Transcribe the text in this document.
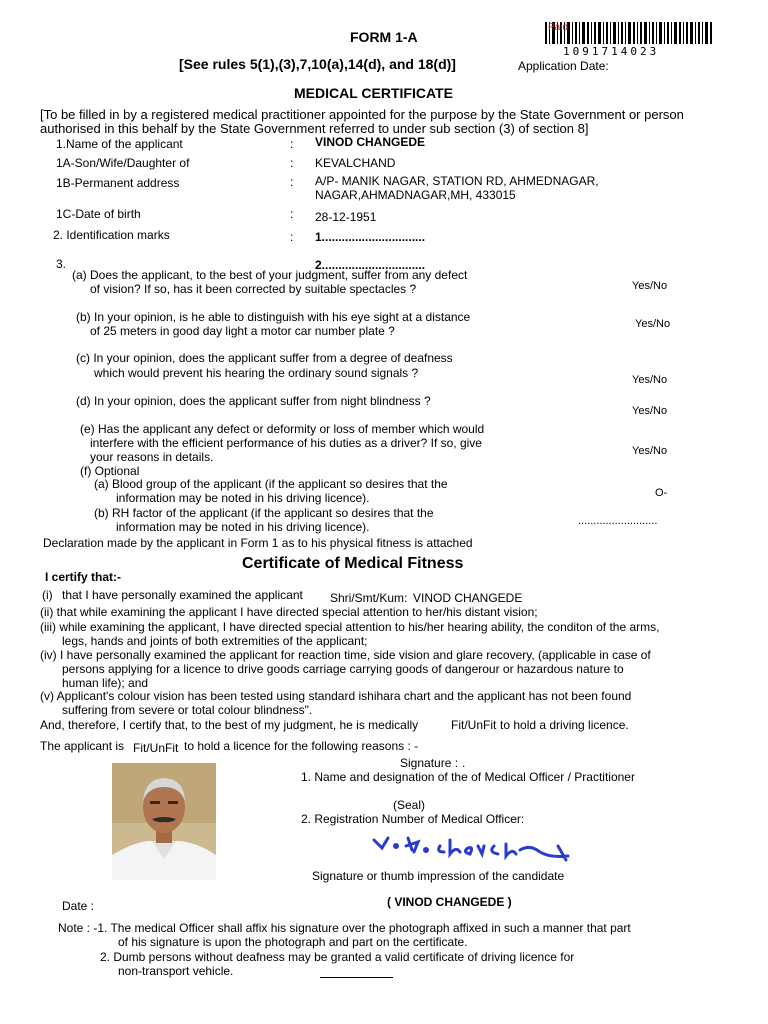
FORM 1-A
Paid
1091714023
[See rules 5(1),(3),7,10(a),14(d), and 18(d)]	Application Date:
MEDICAL CERTIFICATE
[To be filled in by a registered medical practitioner appointed for the purpose by the State Government or person
authorised in this behalf by the State Government referred to under sub section (3) of section 8]
1.Name of the applicant	: VINOD CHANGEDE
1A-Son/Wife/Daughter of	: KEVALCHAND
1B-Permanent address	: A/P- MANIK NAGAR, STATION RD, AHMEDNAGAR,
NAGAR,AHMADNAGAR,MH, 433015
1C-Date of birth	: 28-12-1951
2. Identification marks	: 1...............................
2...............................
3.
(a) Does the applicant, to the best of your judgment, suffer from any defect
of vision? If so, has it been corrected by suitable spectacles ?	Yes/No
(b) In your opinion, is he able to distinguish with his eye sight at a distance
of 25 meters in good day light a motor car number plate ?	Yes/No
(c) In your opinion, does the applicant suffer from a degree of deafness
which would prevent his hearing the ordinary sound signals ?	Yes/No
(d) In your opinion, does the applicant suffer from night blindness ?
Yes/No
(e) Has the applicant any defect or deformity or loss of member which would
interfere with the efficient performance of his duties as a driver? If so, give
your reasons in details.	Yes/No
(f) Optional
(a) Blood group of the applicant (if the applicant so desires that the
information may be noted in his driving licence).	O-
(b) RH factor of the applicant (if the applicant so desires that the
information may be noted in his driving licence).	..........................
Declaration made by the applicant in Form 1 as to his physical fitness is attached
Certificate of Medical Fitness
I certify that:-
(i) that I have personally examined the applicant Shri/Smt/Kum: VINOD CHANGEDE
(ii) that while examining the applicant I have directed special attention to her/his distant vision;
(iii) while examining the applicant, I have directed special attention to his/her hearing ability, the conditon of the arms,
legs, hands and joints of both extremities of the applicant;
(iv) I have personally examined the applicant for reaction time, side vision and glare recovery, (applicable in case of
persons applying for a licence to drive goods carriage carrying goods of dangerour or hazardous nature to
human life); and
(v) Applicant's colour vision has been tested using standard ishihara chart and the applicant has not been found
suffering from severe or total colour blindness".
And, therefore, I certify that, to the best of my judgment, he is medically	Fit/UnFit to hold a driving licence.
The applicant is Fit/UnFit to hold a licence for the following reasons : -
Signature : .
1. Name and designation of the of Medical Officer / Practitioner
(Seal)
2. Registration Number of Medical Officer:
Signature or thumb impression of the candidate
Date :	( VINOD CHANGEDE )
Note : -1. The medical Officer shall affix his signature over the photograph affixed in such a manner that part
of his signature is upon the photograph and part on the certificate.
2. Dumb persons without deafness may be granted a valid certificate of driving licence for
non-transport vehicle.
